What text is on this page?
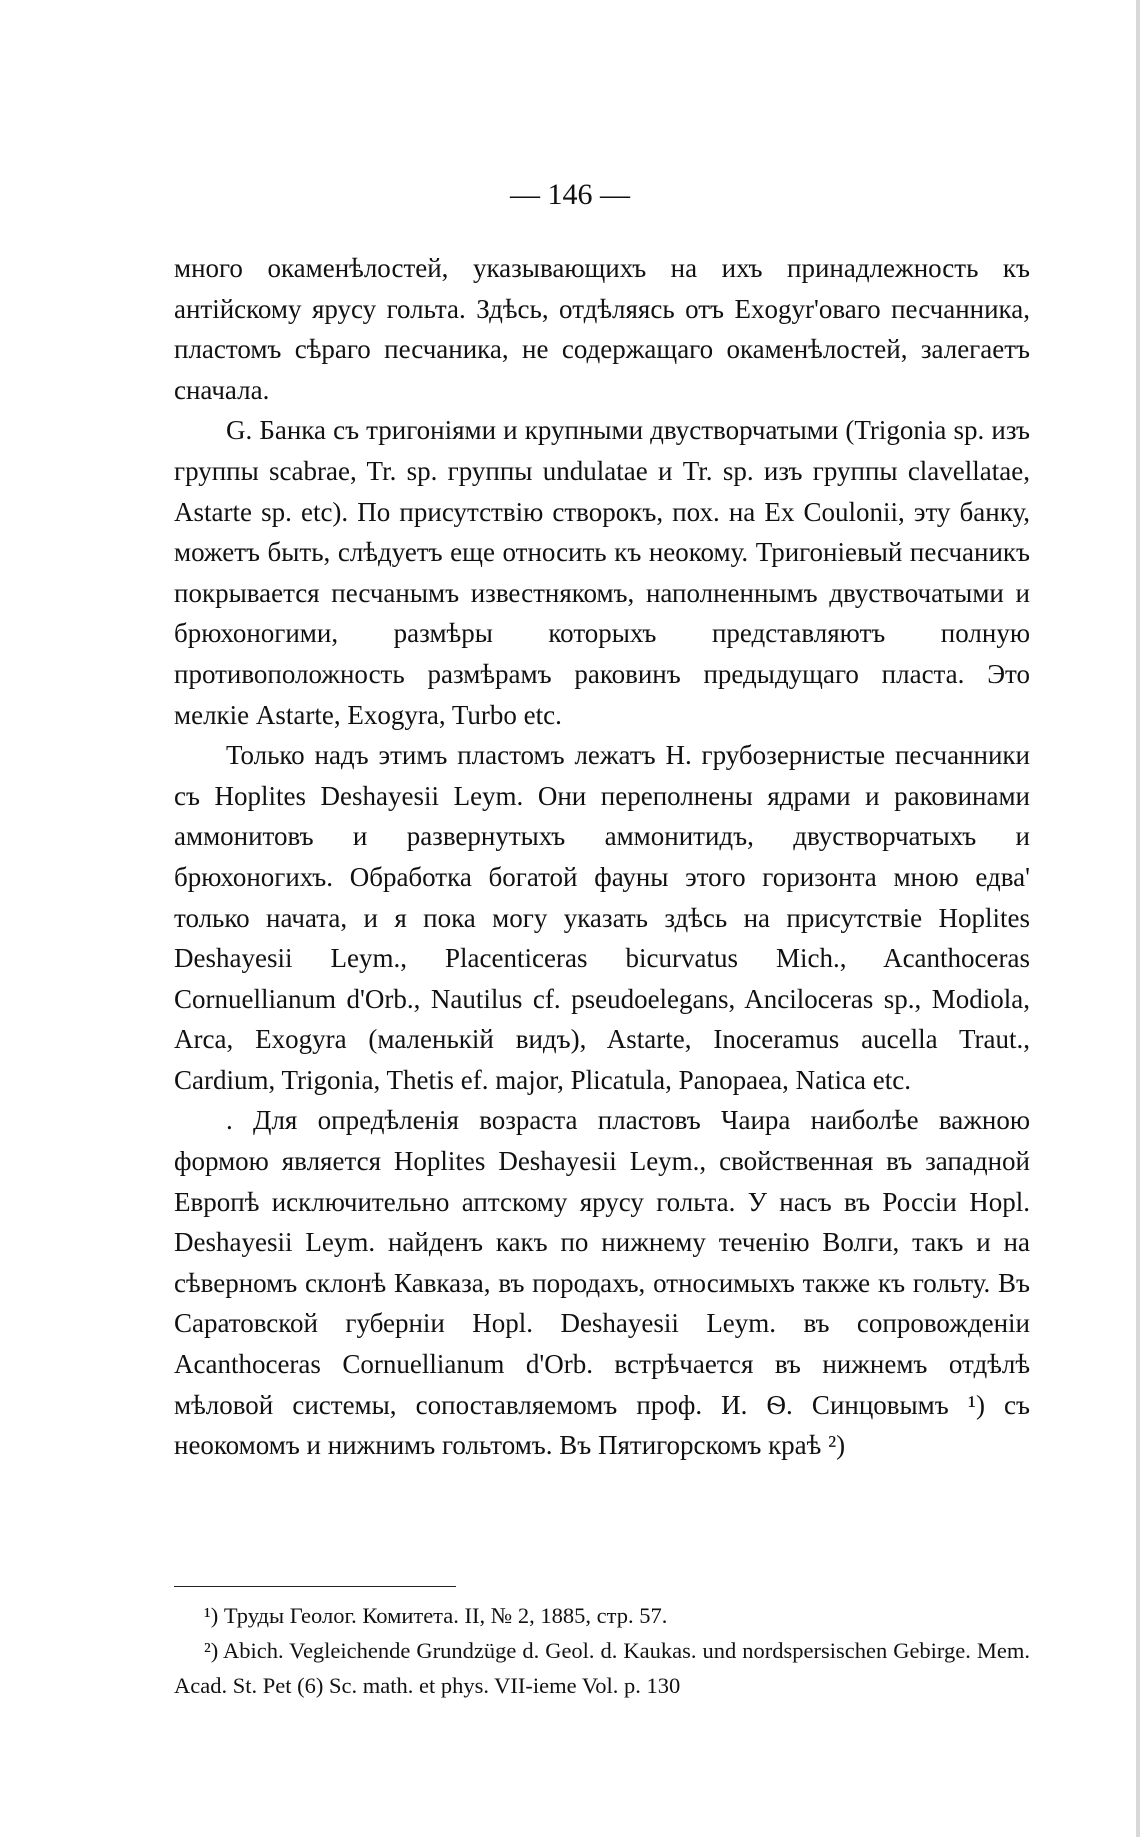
— 146 —

много окаменѣлостей, указывающихъ на ихъ принадлежность къ антійскому ярусу гольта. Здѣсь, отдѣляясь отъ Exogyr'оваго песчанника, пластомъ сѣраго песчаника, не содержащаго окаменѣлостей, залегаетъ сначала.

G. Банка съ тригоніями и крупными двустворчатыми (Trigonia sp. изъ группы scabrae, Tr. sp. группы undulatae и Tr. sp. изъ группы clavellatae, Astarte sp. etc). По присутствію створокъ, пох. на Ex Coulonii, эту банку, можетъ быть, слѣдуетъ еще относить къ неокому. Тригоніевый песчаникъ покрывается песчанымъ известнякомъ, наполненнымъ двуствочатыми и брюхоногими, размѣры которыхъ представляютъ полную противоположность размѣрамъ раковинъ предыдущаго пласта. Это мелкіе Astarte, Exogyra, Turbo etc.

Только надъ этимъ пластомъ лежатъ H. грубозернистые песчанники съ Hoplites Deshayesii Leym. Они переполнены ядрами и раковинами аммонитовъ и развернутыхъ аммонитидъ, двустворчатыхъ и брюхоногихъ. Обработка богатой фауны этого горизонта мною едва' только начата, и я пока могу указать здѣсь на присутствіе Hoplites Deshayesii Leym., Placenticeras bicurvatus Mich., Acanthoceras Cornuellianum d'Orb., Nautilus cf. pseudoelegans, Ancilоceras sp., Modiola, Arca, Exogyra (маленькій видъ), Astarte, Inoceramus aucella Traut., Cardium, Trigonia, Thetis ef. major, Plicatula, Panopaea, Natica etc.

. Для опредѣленія возраста пластовъ Чаира наиболѣе важною формою является Hoplites Deshayesii Leym., свойственная въ западной Европѣ исключительно аптскому ярусу гольта. У насъ въ Россіи Hopl. Deshayesii Leym. найденъ какъ по нижнему теченію Волги, такъ и на сѣверномъ склонѣ Кавказа, въ породахъ, относимыхъ также къ гольту. Въ Саратовской губерніи Hopl. Deshayesii Leym. въ сопровожденіи Acanthoceras Cornuellianum d'Orb. встрѣчается въ нижнемъ отдѣлѣ мѣловой системы, сопоставляемомъ проф. И. Ѳ. Синцовымъ ¹) съ неокомомъ и нижнимъ гольтомъ. Въ Пятигорскомъ краѣ ²)

¹) Труды Геолог. Комитета. II, № 2, 1885, стр. 57.

²) Abich. Vegleichende Grundzüge d. Geol. d. Kaukas. und nordspersischen Gebirge. Mem. Acad. St. Pet (6) Sc. math. et phys. VII-ieme Vol. p. 130
